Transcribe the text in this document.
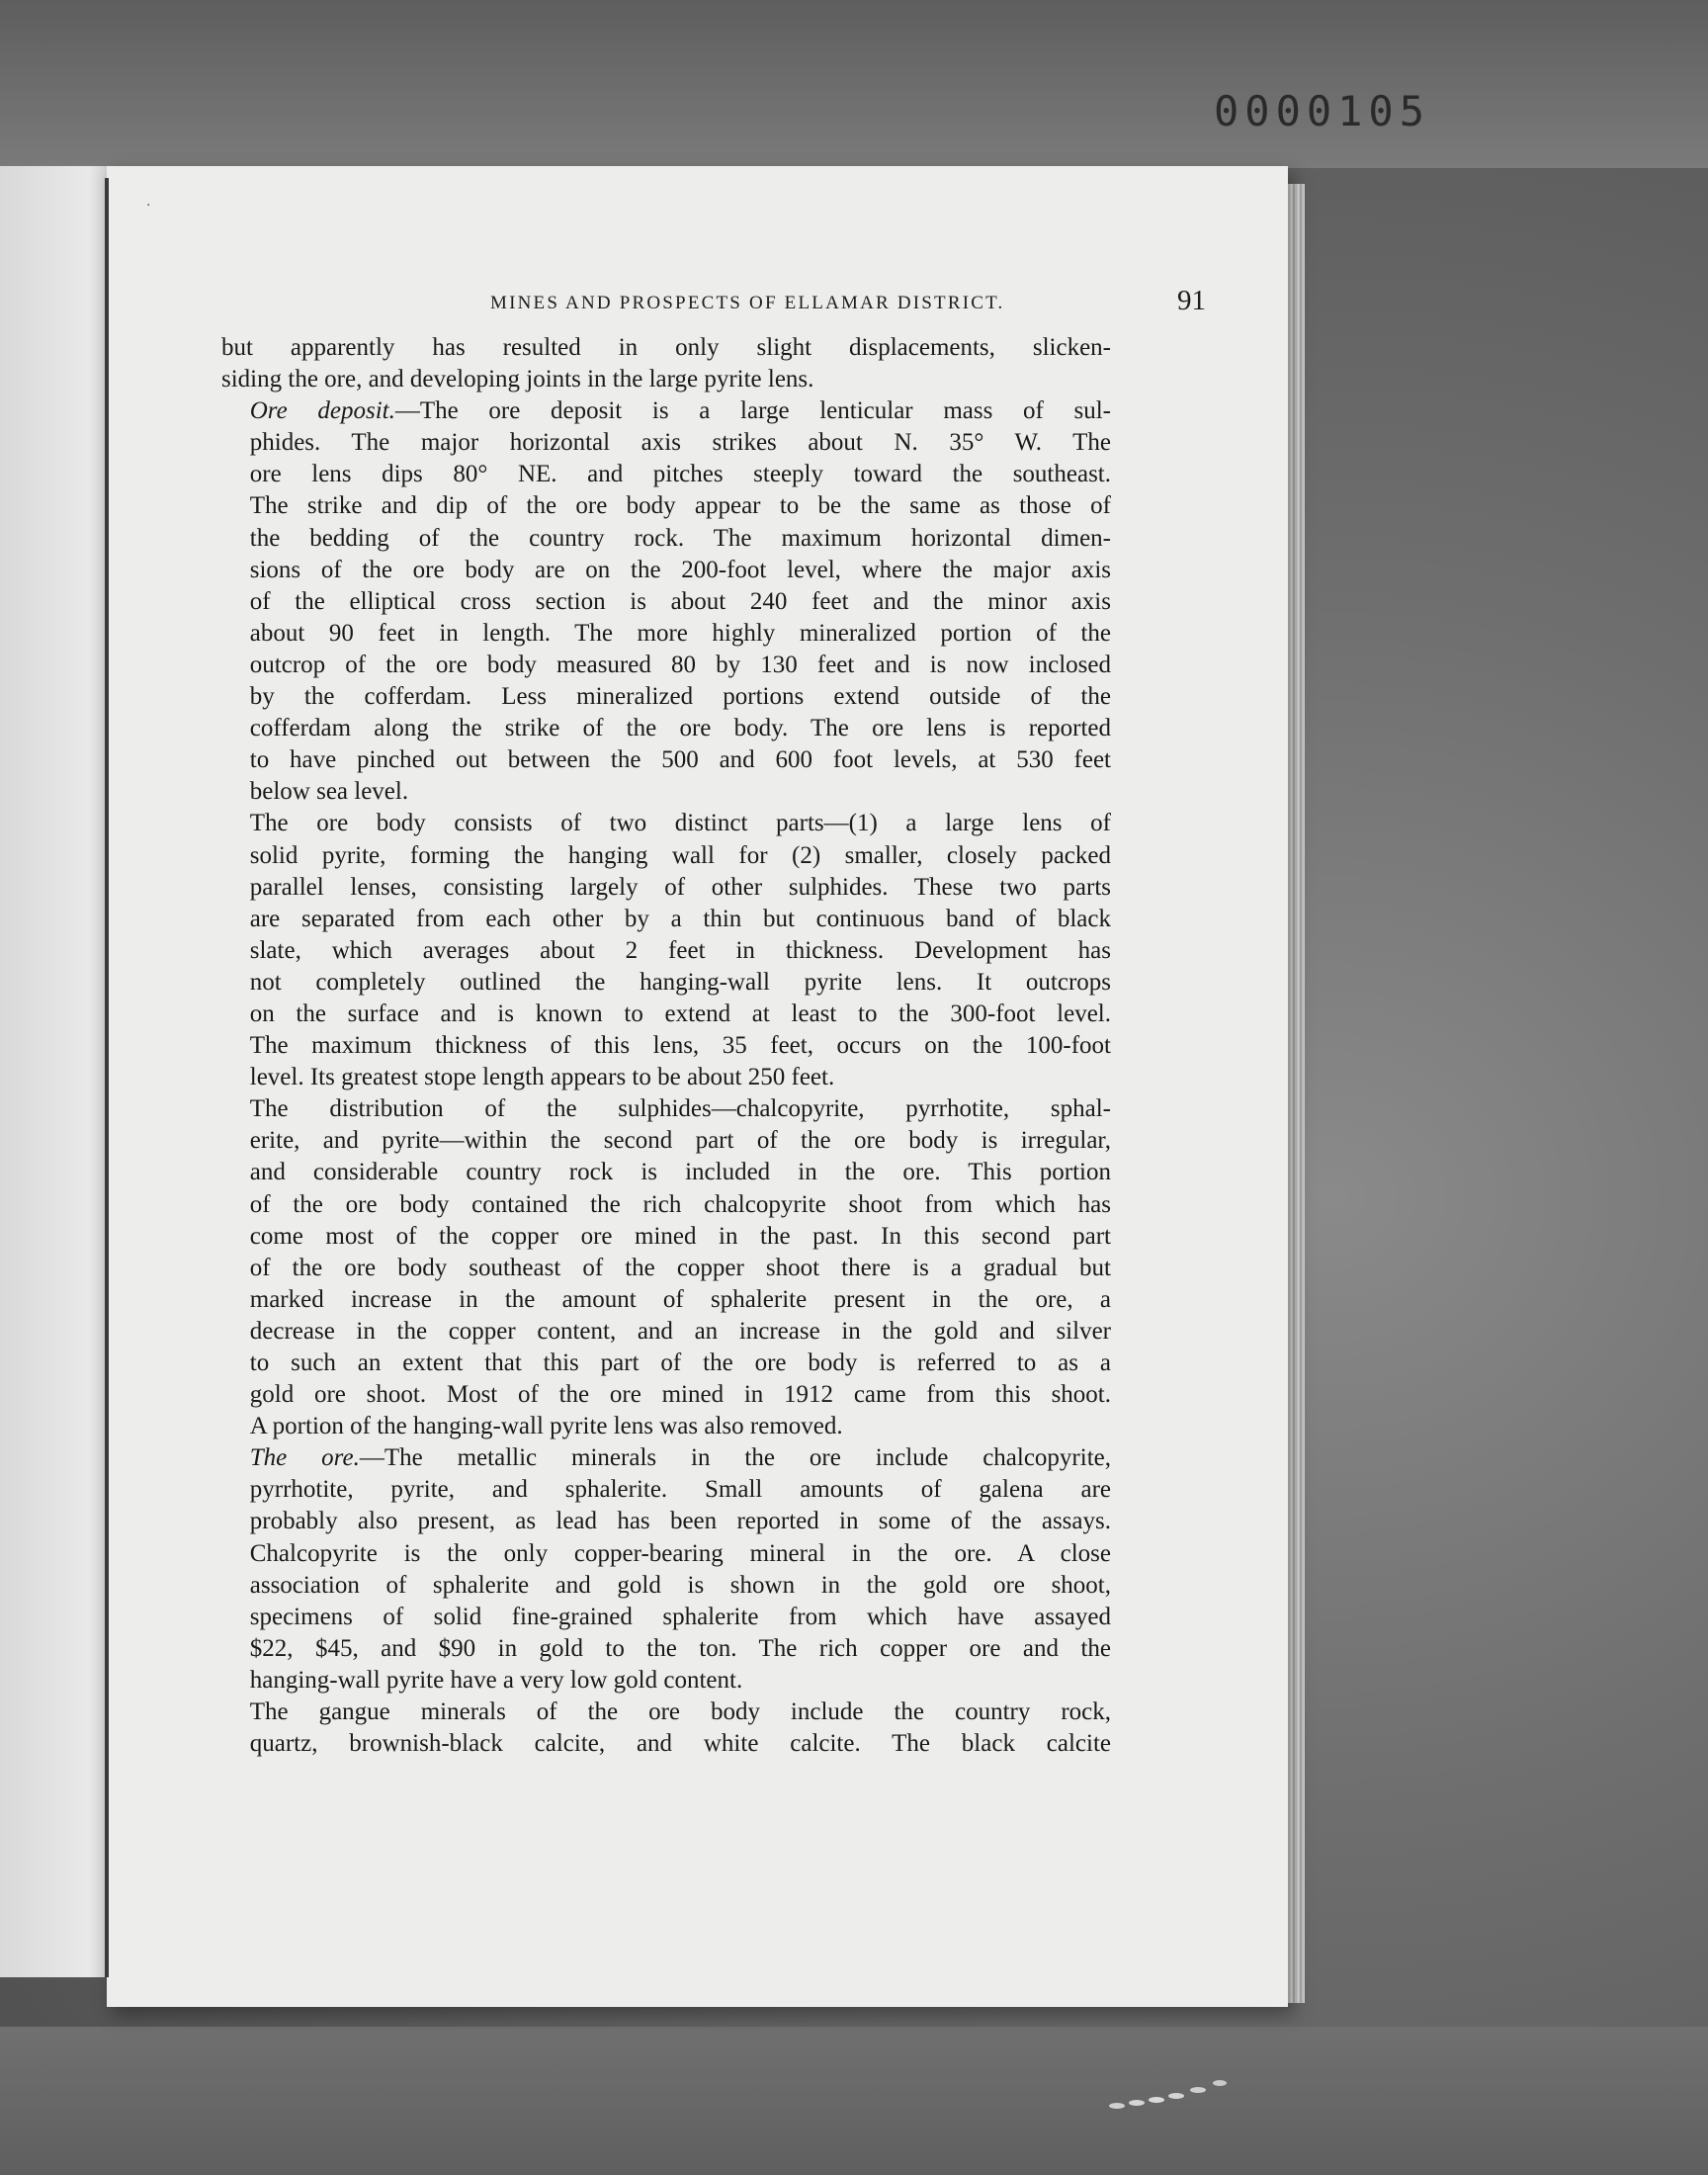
0000105
·
MINES AND PROSPECTS OF ELLAMAR DISTRICT.	91

but apparently has resulted in only slight displacements, slicken-
siding the ore, and developing joints in the large pyrite lens.

Ore deposit.—The ore deposit is a large lenticular mass of sul-
phides. The major horizontal axis strikes about N. 35° W. The
ore lens dips 80° NE. and pitches steeply toward the southeast.
The strike and dip of the ore body appear to be the same as those of
the bedding of the country rock. The maximum horizontal dimen-
sions of the ore body are on the 200-foot level, where the major axis
of the elliptical cross section is about 240 feet and the minor axis
about 90 feet in length. The more highly mineralized portion of the
outcrop of the ore body measured 80 by 130 feet and is now inclosed
by the cofferdam. Less mineralized portions extend outside of the
cofferdam along the strike of the ore body. The ore lens is reported
to have pinched out between the 500 and 600 foot levels, at 530 feet
below sea level.

The ore body consists of two distinct parts—(1) a large lens of
solid pyrite, forming the hanging wall for (2) smaller, closely packed
parallel lenses, consisting largely of other sulphides. These two parts
are separated from each other by a thin but continuous band of black
slate, which averages about 2 feet in thickness. Development has
not completely outlined the hanging-wall pyrite lens. It outcrops
on the surface and is known to extend at least to the 300-foot level.
The maximum thickness of this lens, 35 feet, occurs on the 100-foot
level. Its greatest stope length appears to be about 250 feet.

The distribution of the sulphides—chalcopyrite, pyrrhotite, sphal-
erite, and pyrite—within the second part of the ore body is irregular,
and considerable country rock is included in the ore. This portion
of the ore body contained the rich chalcopyrite shoot from which has
come most of the copper ore mined in the past. In this second part
of the ore body southeast of the copper shoot there is a gradual but
marked increase in the amount of sphalerite present in the ore, a
decrease in the copper content, and an increase in the gold and silver
to such an extent that this part of the ore body is referred to as a
gold ore shoot. Most of the ore mined in 1912 came from this shoot.
A portion of the hanging-wall pyrite lens was also removed.

The ore.—The metallic minerals in the ore include chalcopyrite,
pyrrhotite, pyrite, and sphalerite. Small amounts of galena are
probably also present, as lead has been reported in some of the assays.
Chalcopyrite is the only copper-bearing mineral in the ore. A close
association of sphalerite and gold is shown in the gold ore shoot,
specimens of solid fine-grained sphalerite from which have assayed
$22, $45, and $90 in gold to the ton. The rich copper ore and the
hanging-wall pyrite have a very low gold content.

The gangue minerals of the ore body include the country rock,
quartz, brownish-black calcite, and white calcite. The black calcite
